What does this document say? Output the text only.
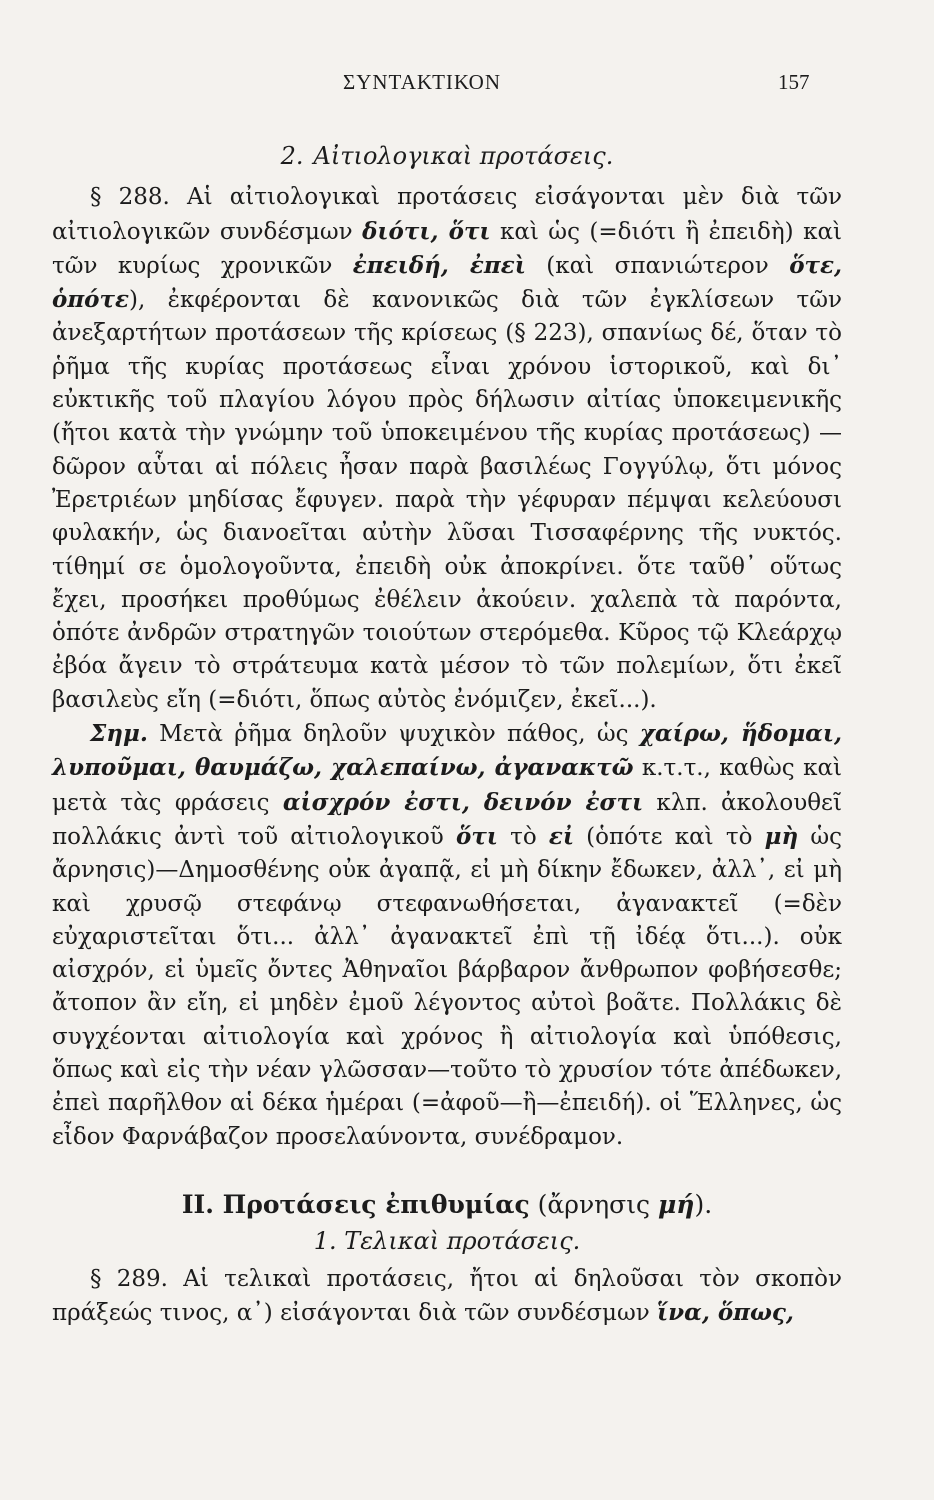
ΣΥΝΤΑΚΤΙΚΟΝ	157

2. Αἰτιολογικαὶ προτάσεις.

§ 288. Αἱ αἰτιολογικαὶ προτάσεις εἰσάγονται μὲν διὰ τῶν αἰτιολογικῶν συνδέσμων διότι, ὅτι καὶ ὡς (=διότι ἢ ἐπειδὴ) καὶ τῶν κυρίως χρονικῶν ἐπειδή, ἐπεὶ (καὶ σπανιώτερον ὅτε, ὁπότε), ἐκφέρονται δὲ κανονικῶς διὰ τῶν ἐγκλίσεων τῶν ἀνεξαρτήτων προτάσεων τῆς κρίσεως (§ 223), σπανίως δέ, ὅταν τὸ ῥῆμα τῆς κυρίας προτάσεως εἶναι χρόνου ἱστορικοῦ, καὶ δι᾽ εὐκτικῆς τοῦ πλαγίου λόγου πρὸς δήλωσιν αἰτίας ὑποκειμενικῆς (ἤτοι κατὰ τὴν γνώμην τοῦ ὑποκειμένου τῆς κυρίας προτάσεως) —δῶρον αὗται αἱ πόλεις ἦσαν παρὰ βασιλέως Γογγύλῳ, ὅτι μόνος Ἐρετριέων μηδίσας ἔφυγεν. παρὰ τὴν γέφυραν πέμψαι κελεύουσι φυλακήν, ὡς διανοεῖται αὐτὴν λῦσαι Τισσαφέρνης τῆς νυκτός. τίθημί σε ὁμολογοῦντα, ἐπειδὴ οὐκ ἀποκρίνει. ὅτε ταῦθ᾽ οὕτως ἔχει, προσήκει προθύμως ἐθέλειν ἀκούειν. χαλεπὰ τὰ παρόντα, ὁπότε ἀνδρῶν στρατηγῶν τοιούτων στερόμεθα. Κῦρος τῷ Κλεάρχῳ ἐβόα ἄγειν τὸ στράτευμα κατὰ μέσον τὸ τῶν πολεμίων, ὅτι ἐκεῖ βασιλεὺς εἴη (=διότι, ὅπως αὐτὸς ἐνόμιζεν, ἐκεῖ...).

Σημ. Μετὰ ῥῆμα δηλοῦν ψυχικὸν πάθος, ὡς χαίρω, ἥδομαι, λυποῦμαι, θαυμάζω, χαλεπαίνω, ἀγανακτῶ κ.τ.τ., καθὼς καὶ μετὰ τὰς φράσεις αἰσχρόν ἐστι, δεινόν ἐστι κλπ. ἀκολουθεῖ πολλάκις ἀντὶ τοῦ αἰτιολογικοῦ ὅτι τὸ εἰ (ὁπότε καὶ τὸ μὴ ὡς ἄρνησις)—Δημοσθένης οὐκ ἀγαπᾷ, εἰ μὴ δίκην ἔδωκεν, ἀλλ᾽, εἰ μὴ καὶ χρυσῷ στεφάνῳ στεφανωθήσεται, ἀγανακτεῖ (=δὲν εὐχαριστεῖται ὅτι... ἀλλ᾽ ἀγανακτεῖ ἐπὶ τῇ ἰδέᾳ ὅτι...). οὐκ αἰσχρόν, εἰ ὑμεῖς ὄντες Ἀθηναῖοι βάρβαρον ἄνθρωπον φοβήσεσθε; ἄτοπον ἂν εἴη, εἰ μηδὲν ἐμοῦ λέγοντος αὐτοὶ βοᾶτε. Πολλάκις δὲ συγχέονται αἰτιολογία καὶ χρόνος ἢ αἰτιολογία καὶ ὑπόθεσις, ὅπως καὶ εἰς τὴν νέαν γλῶσσαν—τοῦτο τὸ χρυσίον τότε ἀπέδωκεν, ἐπεὶ παρῆλθον αἱ δέκα ἡμέραι (=ἀφοῦ—ἢ—ἐπειδή). οἱ Ἕλληνες, ὡς εἶδον Φαρνάβαζον προσελαύνοντα, συνέδραμον.

ΙΙ. Προτάσεις ἐπιθυμίας (ἄρνησις μή).

1. Τελικαὶ προτάσεις.

§ 289. Αἱ τελικαὶ προτάσεις, ἤτοι αἱ δηλοῦσαι τὸν σκοπὸν πράξεώς τινος, α᾽) εἰσάγονται διὰ τῶν συνδέσμων ἵνα, ὅπως,
